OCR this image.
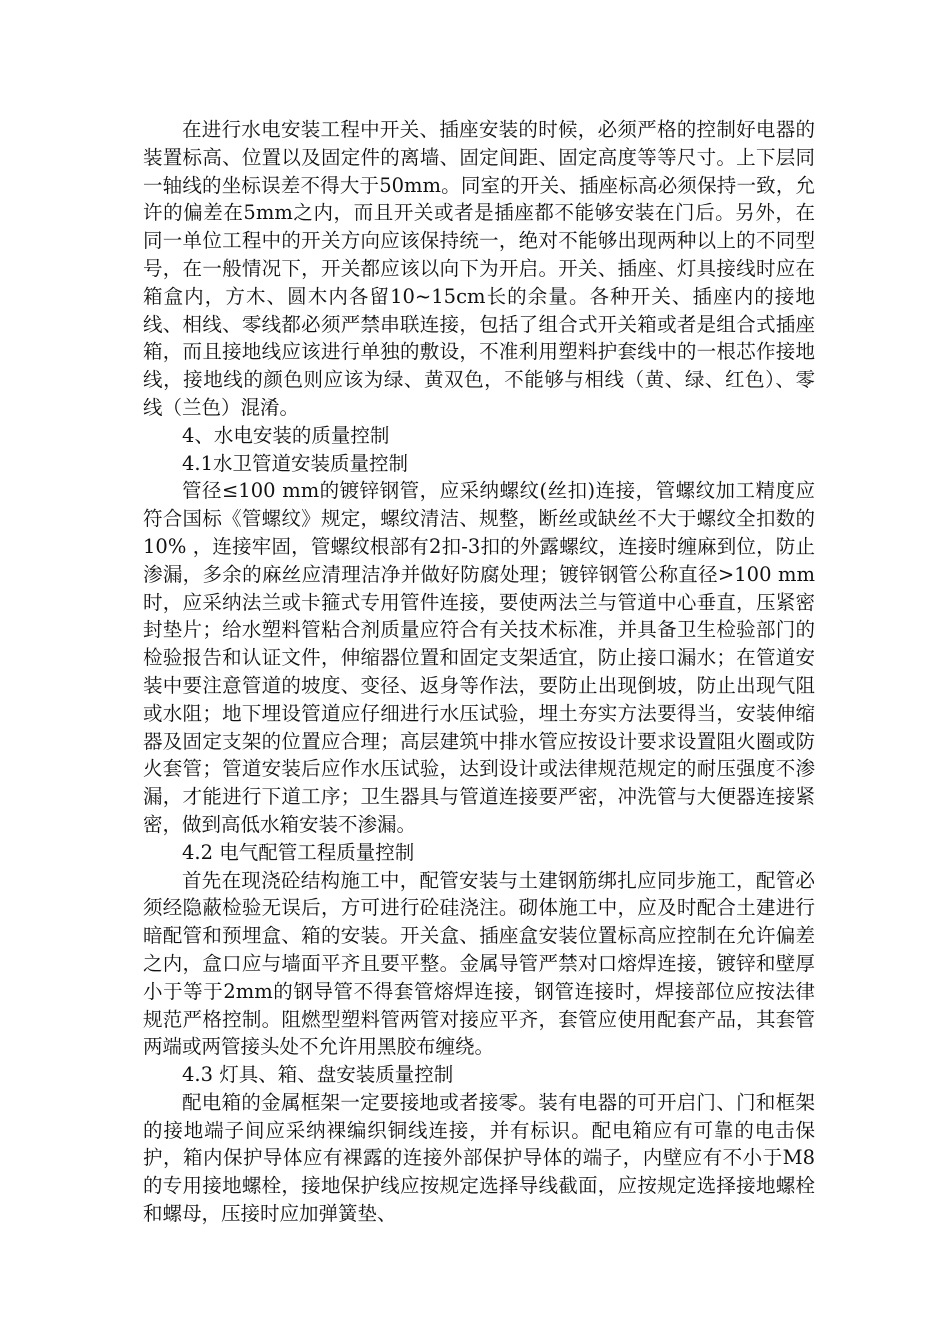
在进行水电安装工程中开关、插座安装的时候，必须严格的控制好电器的装置标高、位置以及固定件的离墙、固定间距、固定高度等等尺寸。上下层同一轴线的坐标误差不得大于50mm。同室的开关、插座标高必须保持一致，允许的偏差在5mm之内，而且开关或者是插座都不能够安装在门后。另外，在同一单位工程中的开关方向应该保持统一，绝对不能够出现两种以上的不同型号，在一般情况下，开关都应该以向下为开启。开关、插座、灯具接线时应在箱盒内，方木、圆木内各留10~15cm长的余量。各种开关、插座内的接地线、相线、零线都必须严禁串联连接，包括了组合式开关箱或者是组合式插座箱，而且接地线应该进行单独的敷设，不准利用塑料护套线中的一根芯作接地线，接地线的颜色则应该为绿、黄双色，不能够与相线（黄、绿、红色）、零线（兰色）混淆。

4、水电安装的质量控制
4.1水卫管道安装质量控制

管径≤100 mm的镀锌钢管，应采纳螺纹(丝扣)连接，管螺纹加工精度应符合国标《管螺纹》规定，螺纹清洁、规整，断丝或缺丝不大于螺纹全扣数的10% ，连接牢固，管螺纹根部有2扣-3扣的外露螺纹，连接时缠麻到位，防止渗漏，多余的麻丝应清理洁净并做好防腐处理；镀锌钢管公称直径>100 mm时，应采纳法兰或卡箍式专用管件连接，要使两法兰与管道中心垂直，压紧密封垫片；给水塑料管粘合剂质量应符合有关技术标准，并具备卫生检验部门的检验报告和认证文件，伸缩器位置和固定支架适宜，防止接口漏水；在管道安装中要注意管道的坡度、变径、返身等作法，要防止出现倒坡，防止出现气阻或水阻；地下埋设管道应仔细进行水压试验，埋土夯实方法要得当，安装伸缩器及固定支架的位置应合理；高层建筑中排水管应按设计要求设置阻火圈或防火套管；管道安装后应作水压试验，达到设计或法律规范规定的耐压强度不渗漏，才能进行下道工序；卫生器具与管道连接要严密，冲洗管与大便器连接紧密，做到高低水箱安装不渗漏。

4.2 电气配管工程质量控制

首先在现浇砼结构施工中，配管安装与土建钢筋绑扎应同步施工，配管必须经隐蔽检验无误后，方可进行砼硅浇注。砌体施工中，应及时配合土建进行暗配管和预埋盒、箱的安装。开关盒、插座盒安装位置标高应控制在允许偏差之内，盒口应与墙面平齐且要平整。金属导管严禁对口熔焊连接，镀锌和壁厚小于等于2mm的钢导管不得套管熔焊连接，钢管连接时，焊接部位应按法律规范严格控制。阻燃型塑料管两管对接应平齐，套管应使用配套产品，其套管两端或两管接头处不允许用黑胶布缠绕。

4.3 灯具、箱、盘安装质量控制

配电箱的金属框架一定要接地或者接零。装有电器的可开启门、门和框架的接地端子间应采纳裸编织铜线连接，并有标识。配电箱应有可靠的电击保护，箱内保护导体应有裸露的连接外部保护导体的端子，内壁应有不小于M8的专用接地螺栓，接地保护线应按规定选择导线截面，应按规定选择接地螺栓和螺母，压接时应加弹簧垫、
